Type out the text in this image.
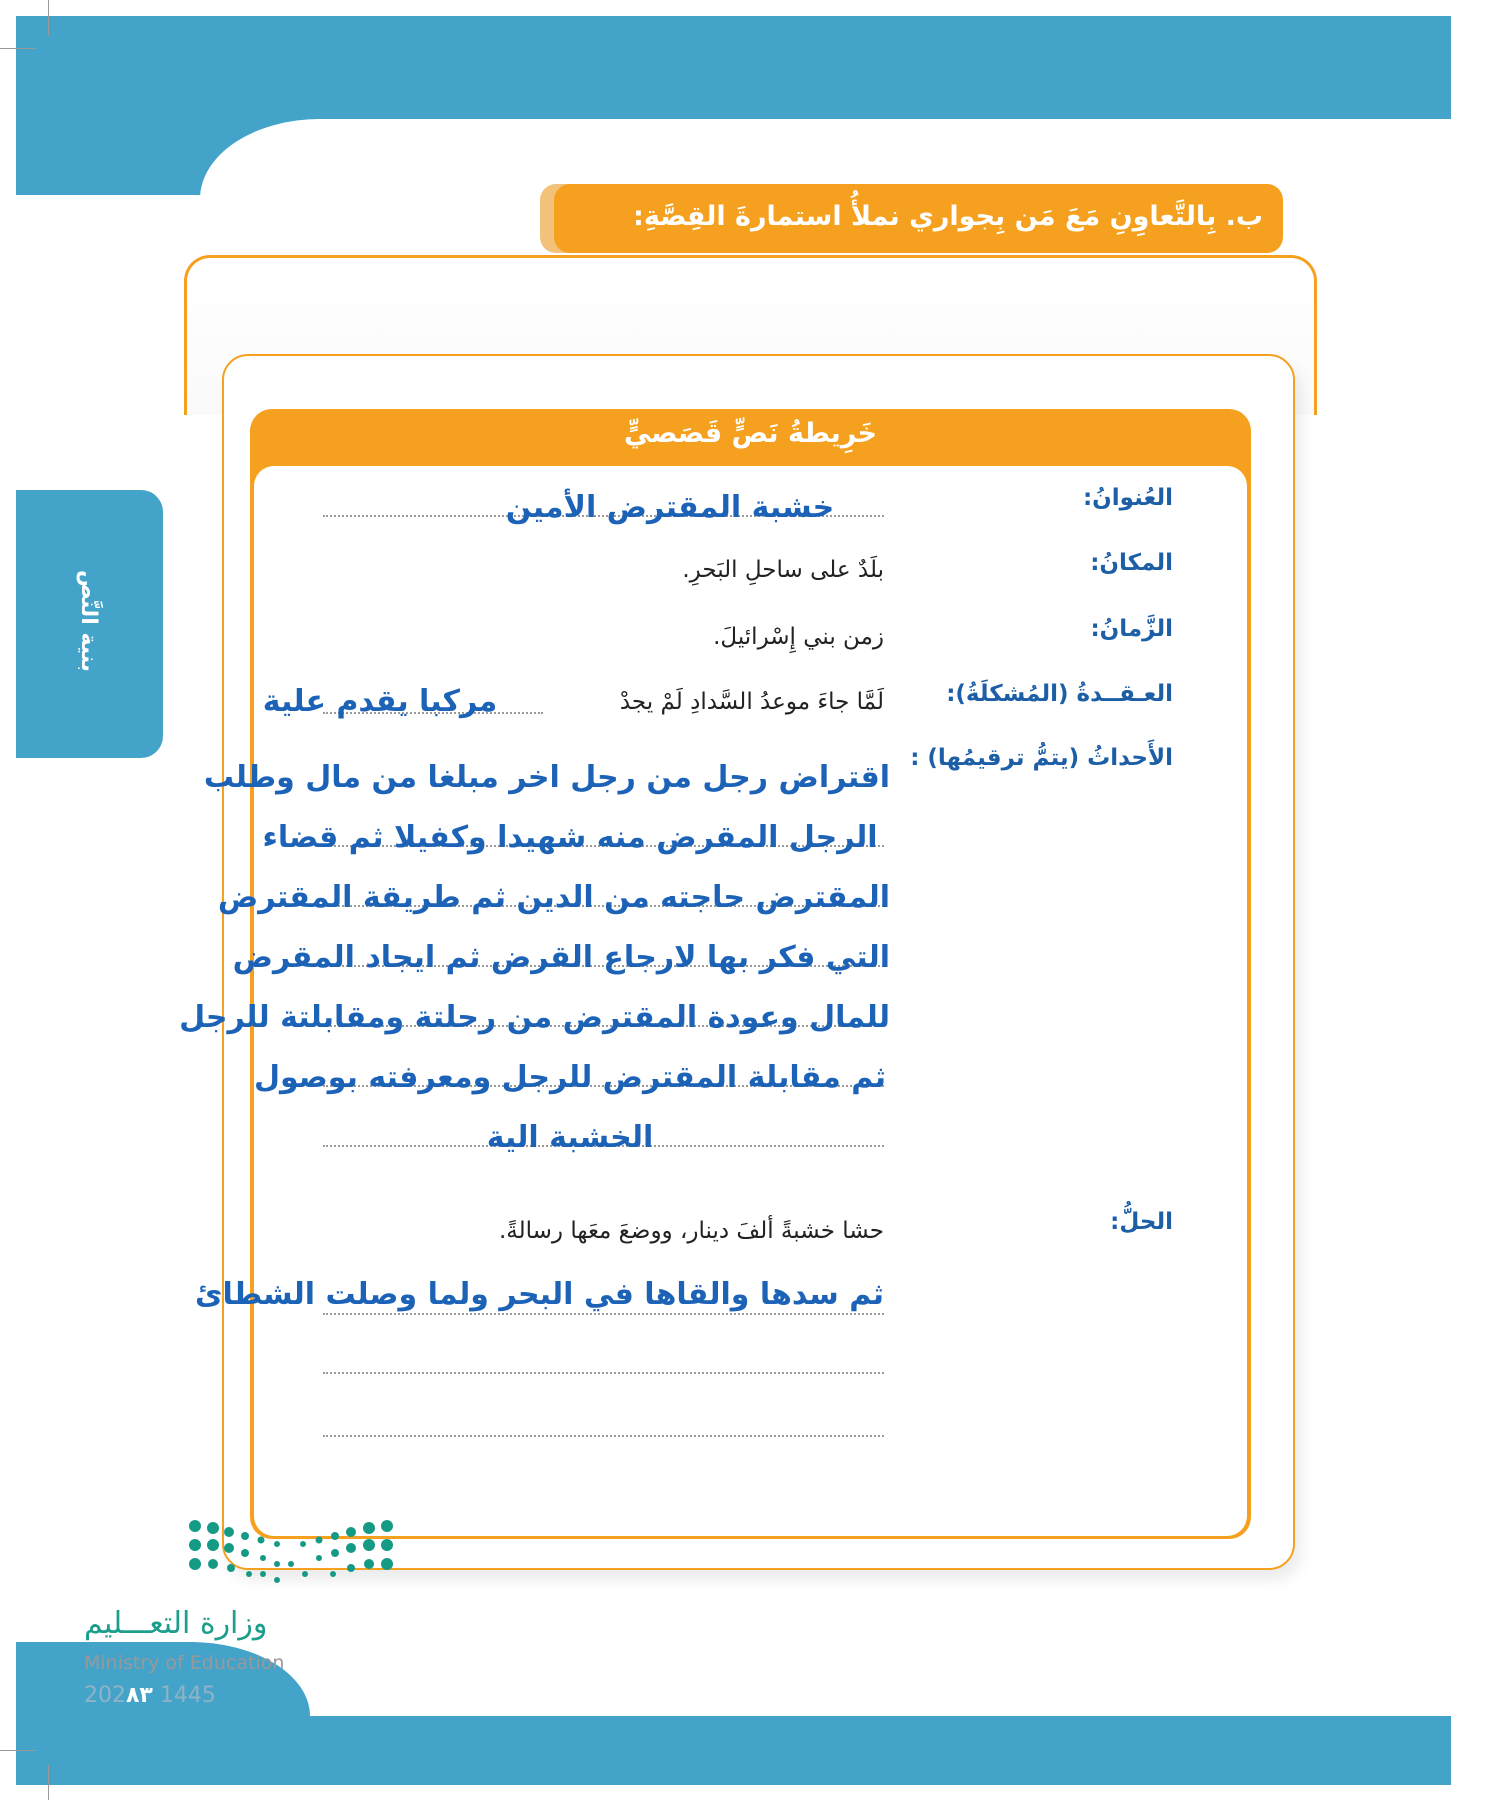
خَرِيطةُ نَصٍّ قَصَصيٍّ
ب. بِالتَّعاوِنِ مَعَ مَن بِجواري نملأُ استمارةَ القِصَّةِ:
بنية النَّص
العُنوانُ:
خشبة المقترض الأمين
المكانُ:
بلَدٌ على ساحلِ البَحرِ.
الزَّمانُ:
زمن بني إِسْرائيلَ.
العـقــدةُ (المُشكلَةُ):
لَمَّا جاءَ موعدُ السَّدادِ لَمْ يجدْ
مركبا يقدم علية
الأَحداثُ (يتمُّ ترقيمُها) :
اقتراض رجل من رجل اخر مبلغا من مال وطلب
الرجل المقرض منه شهيدا وكفيلا ثم قضاء
المقترض حاجته من الدين ثم طريقة المقترض
التي فكر بها لارجاع القرض ثم ايجاد المقرض
للمال وعودة المقترض من رحلتة ومقابلتة للرجل
ثم مقابلة المقترض للرجل ومعرفته بوصول
الخشبة الية
الحلُّ:
حشا خشبةً ألفَ دينار، ووضعَ معَها رسالةً.
ثم سدها والقاها في البحر ولما وصلت الشطائ
وزارة التعـــليم
Ministry of Education
202٨٣ 1445
